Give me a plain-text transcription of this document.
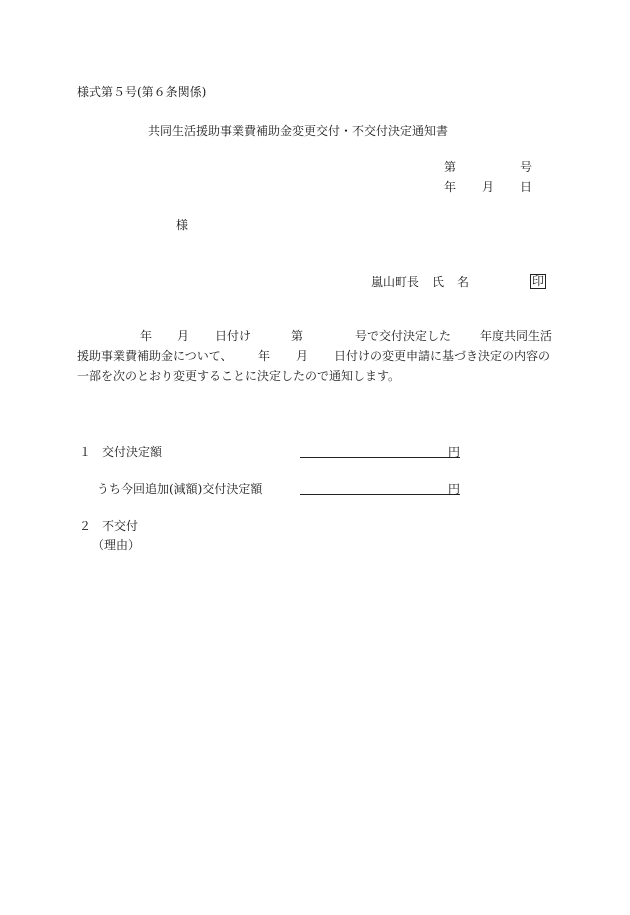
様式第５号(第６条関係)
共同生活援助事業費補助金変更交付・不交付決定通知書
第	号
年 月 日
様
嵐山町長 氏 名	印
年 月 日付け	第	号で交付決定した 年度共同生活
援助事業費補助金について、 年 月 日付けの変更申請に基づき決定の内容の
一部を次のとおり変更することに決定したので通知します。
１ 交付決定額	円
うち今回追加(減額)交付決定額	円
２ 不交付
（理由）
